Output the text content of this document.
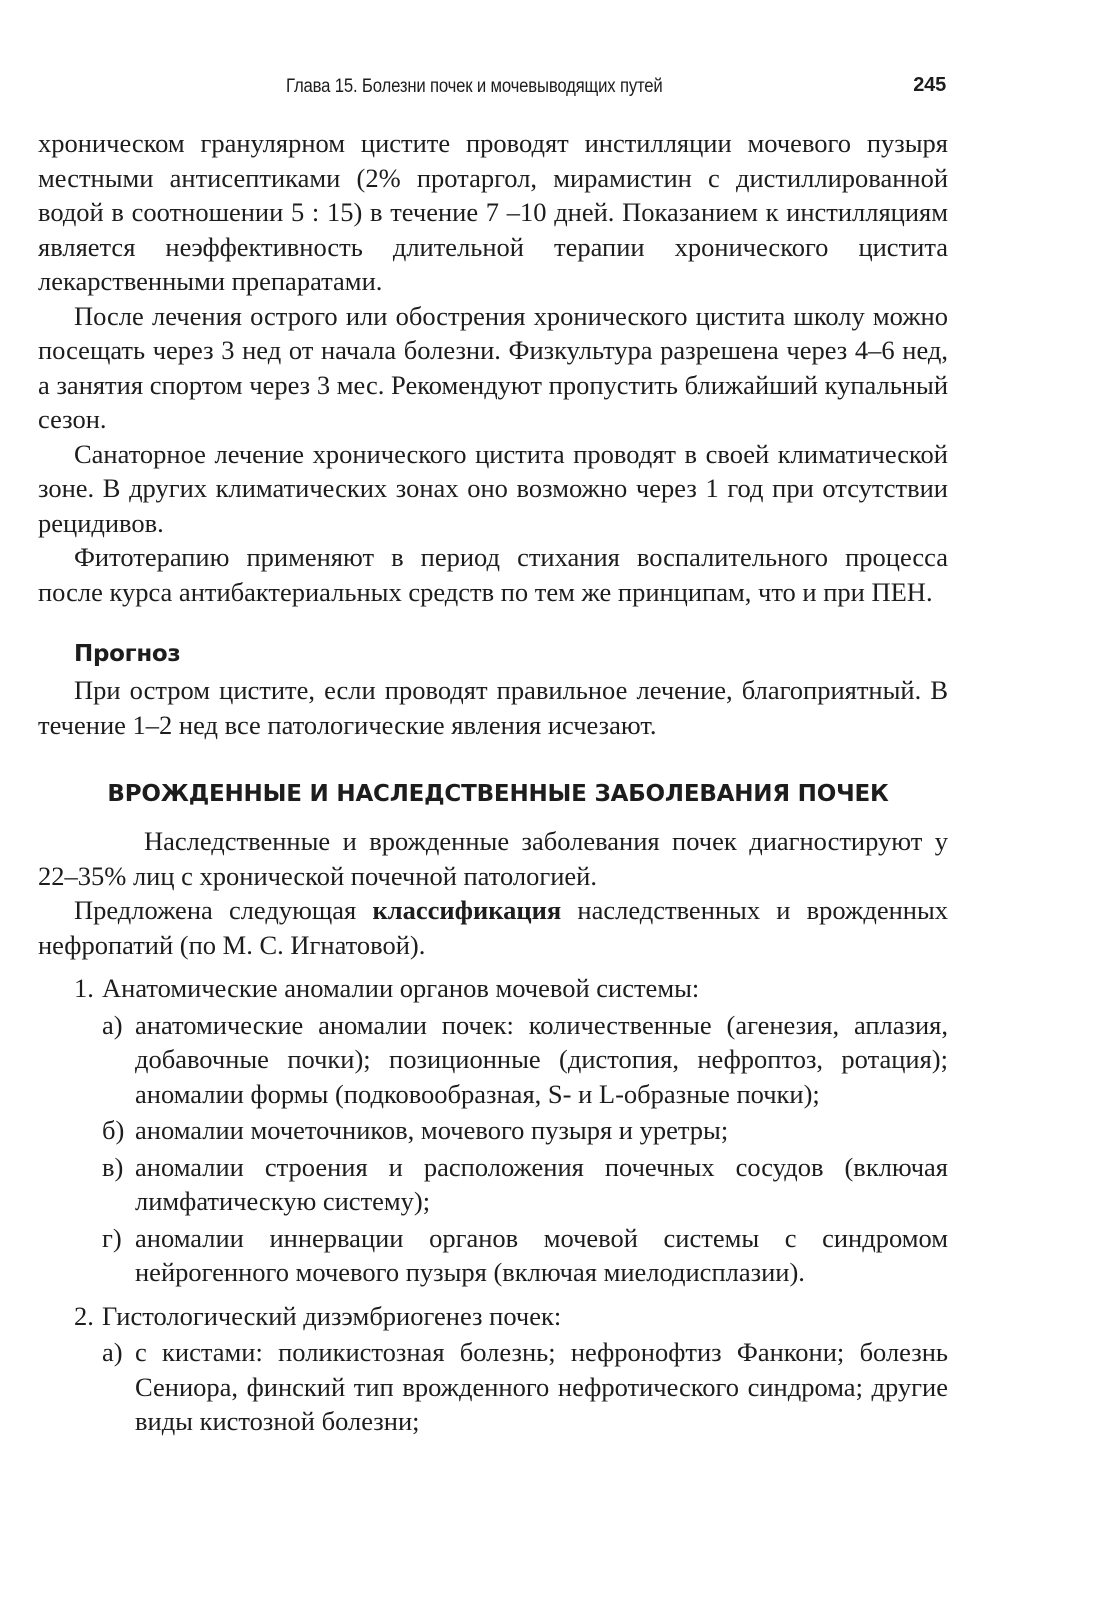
Глава 15. Болезни почек и мочевыводящих путей	245

хроническом гранулярном цистите проводят инстилляции мочевого пузыря местными антисептиками (2% протаргол, мирамистин с дистиллированной водой в соотношении 5 : 15) в течение 7 –10 дней. Показанием к инстилляциям является неэффективность длительной терапии хронического цистита лекарственными препаратами.

После лечения острого или обострения хронического цистита школу можно посещать через 3 нед от начала болезни. Физкультура разрешена через 4–6 нед, а занятия спортом через 3 мес. Рекомендуют пропустить ближайший купальный сезон.

Санаторное лечение хронического цистита проводят в своей климатической зоне. В других климатических зонах оно возможно через 1 год при отсутствии рецидивов.

Фитотерапию применяют в период стихания воспалительного процесса после курса антибактериальных средств по тем же принципам, что и при ПЕН.

Прогноз

При остром цистите, если проводят правильное лечение, благоприятный. В течение 1–2 нед все патологические явления исчезают.

ВРОЖДЕННЫЕ И НАСЛЕДСТВЕННЫЕ ЗАБОЛЕВАНИЯ ПОЧЕК

Наследственные и врожденные заболевания почек диагностируют у 22–35% лиц с хронической почечной патологией.

Предложена следующая классификация наследственных и врожденных нефропатий (по М. С. Игнатовой).

1. Анатомические аномалии органов мочевой системы:

а) анатомические аномалии почек: количественные (агенезия, аплазия, добавочные почки); позиционные (дистопия, нефроптоз, ротация); аномалии формы (подковообразная, S- и L-образные почки);

б) аномалии мочеточников, мочевого пузыря и уретры;

в) аномалии строения и расположения почечных сосудов (включая лимфатическую систему);

г) аномалии иннервации органов мочевой системы с синдромом нейрогенного мочевого пузыря (включая миелодисплазии).

2. Гистологический дизэмбриогенез почек:

а) с кистами: поликистозная болезнь; нефронофтиз Фанкони; болезнь Сениора, финский тип врожденного нефротического синдрома; другие виды кистозной болезни;
